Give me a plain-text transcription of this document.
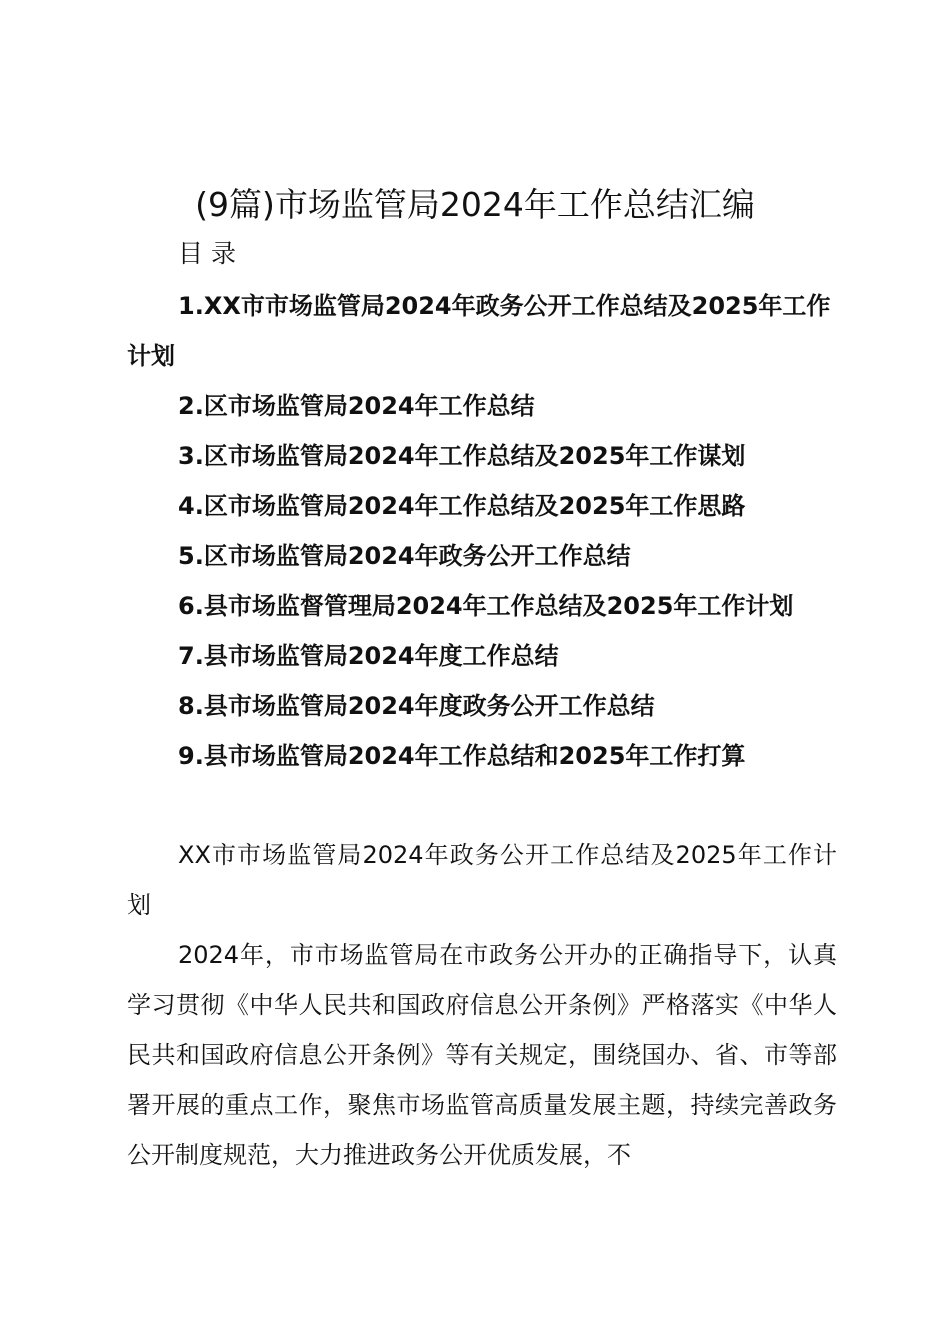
(9篇)市场监管局2024年工作总结汇编
目 录
1.XX市市场监管局2024年政务公开工作总结及2025年工作计划
2.区市场监管局2024年工作总结
3.区市场监管局2024年工作总结及2025年工作谋划
4.区市场监管局2024年工作总结及2025年工作思路
5.区市场监管局2024年政务公开工作总结
6.县市场监督管理局2024年工作总结及2025年工作计划
7.县市场监管局2024年度工作总结
8.县市场监管局2024年度政务公开工作总结
9.县市场监管局2024年工作总结和2025年工作打算

XX市市场监管局2024年政务公开工作总结及2025年工作计划

2024年，市市场监管局在市政务公开办的正确指导下，认真学习贯彻《中华人民共和国政府信息公开条例》严格落实《中华人民共和国政府信息公开条例》等有关规定，围绕国办、省、市等部署开展的重点工作，聚焦市场监管高质量发展主题，持续完善政务公开制度规范，大力推进政务公开优质发展，不
